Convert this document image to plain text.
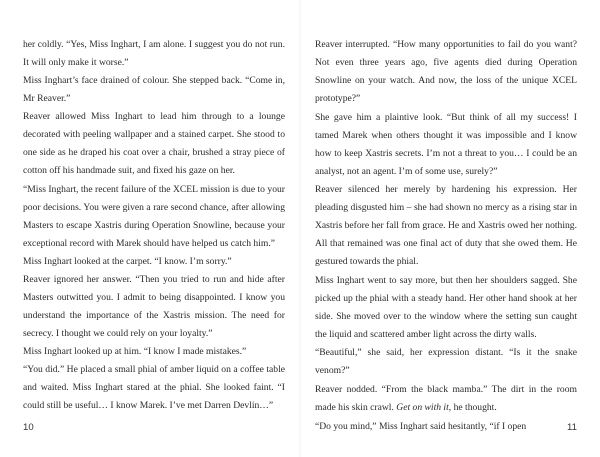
her coldly. “Yes, Miss Inghart, I am alone. I suggest you do not run. It will only make it worse.”

Miss Inghart’s face drained of colour. She stepped back. “Come in, Mr Reaver.”

Reaver allowed Miss Inghart to lead him through to a lounge decorated with peeling wallpaper and a stained carpet. She stood to one side as he draped his coat over a chair, brushed a stray piece of cotton off his handmade suit, and fixed his gaze on her.

“Miss Inghart, the recent failure of the XCEL mission is due to your poor decisions. You were given a rare second chance, after allowing Masters to escape Xastris during Operation Snowline, because your exceptional record with Marek should have helped us catch him.”

Miss Inghart looked at the carpet. “I know. I’m sorry.”

Reaver ignored her answer. “Then you tried to run and hide after Masters outwitted you. I admit to being disappointed. I know you understand the importance of the Xastris mission. The need for secrecy. I thought we could rely on your loyalty.”

Miss Inghart looked up at him. “I know I made mistakes.”

“You did.” He placed a small phial of amber liquid on a coffee table and waited. Miss Inghart stared at the phial. She looked faint. “I could still be useful… I know Marek. I’ve met Darren Devlin…”

10

Reaver interrupted. “How many opportunities to fail do you want? Not even three years ago, five agents died during Operation Snowline on your watch. And now, the loss of the unique XCEL prototype?”

She gave him a plaintive look. “But think of all my success! I tamed Marek when others thought it was impossible and I know how to keep Xastris secrets. I’m not a threat to you… I could be an analyst, not an agent. I’m of some use, surely?”

Reaver silenced her merely by hardening his expression. Her pleading disgusted him – she had shown no mercy as a rising star in Xastris before her fall from grace. He and Xastris owed her nothing. All that remained was one final act of duty that she owed them. He gestured towards the phial.

Miss Inghart went to say more, but then her shoulders sagged. She picked up the phial with a steady hand. Her other hand shook at her side. She moved over to the window where the setting sun caught the liquid and scattered amber light across the dirty walls.

“Beautiful,” she said, her expression distant. “Is it the snake venom?”

Reaver nodded. “From the black mamba.” The dirt in the room made his skin crawl. Get on with it, he thought.

“Do you mind,” Miss Inghart said hesitantly, “if I open	11
